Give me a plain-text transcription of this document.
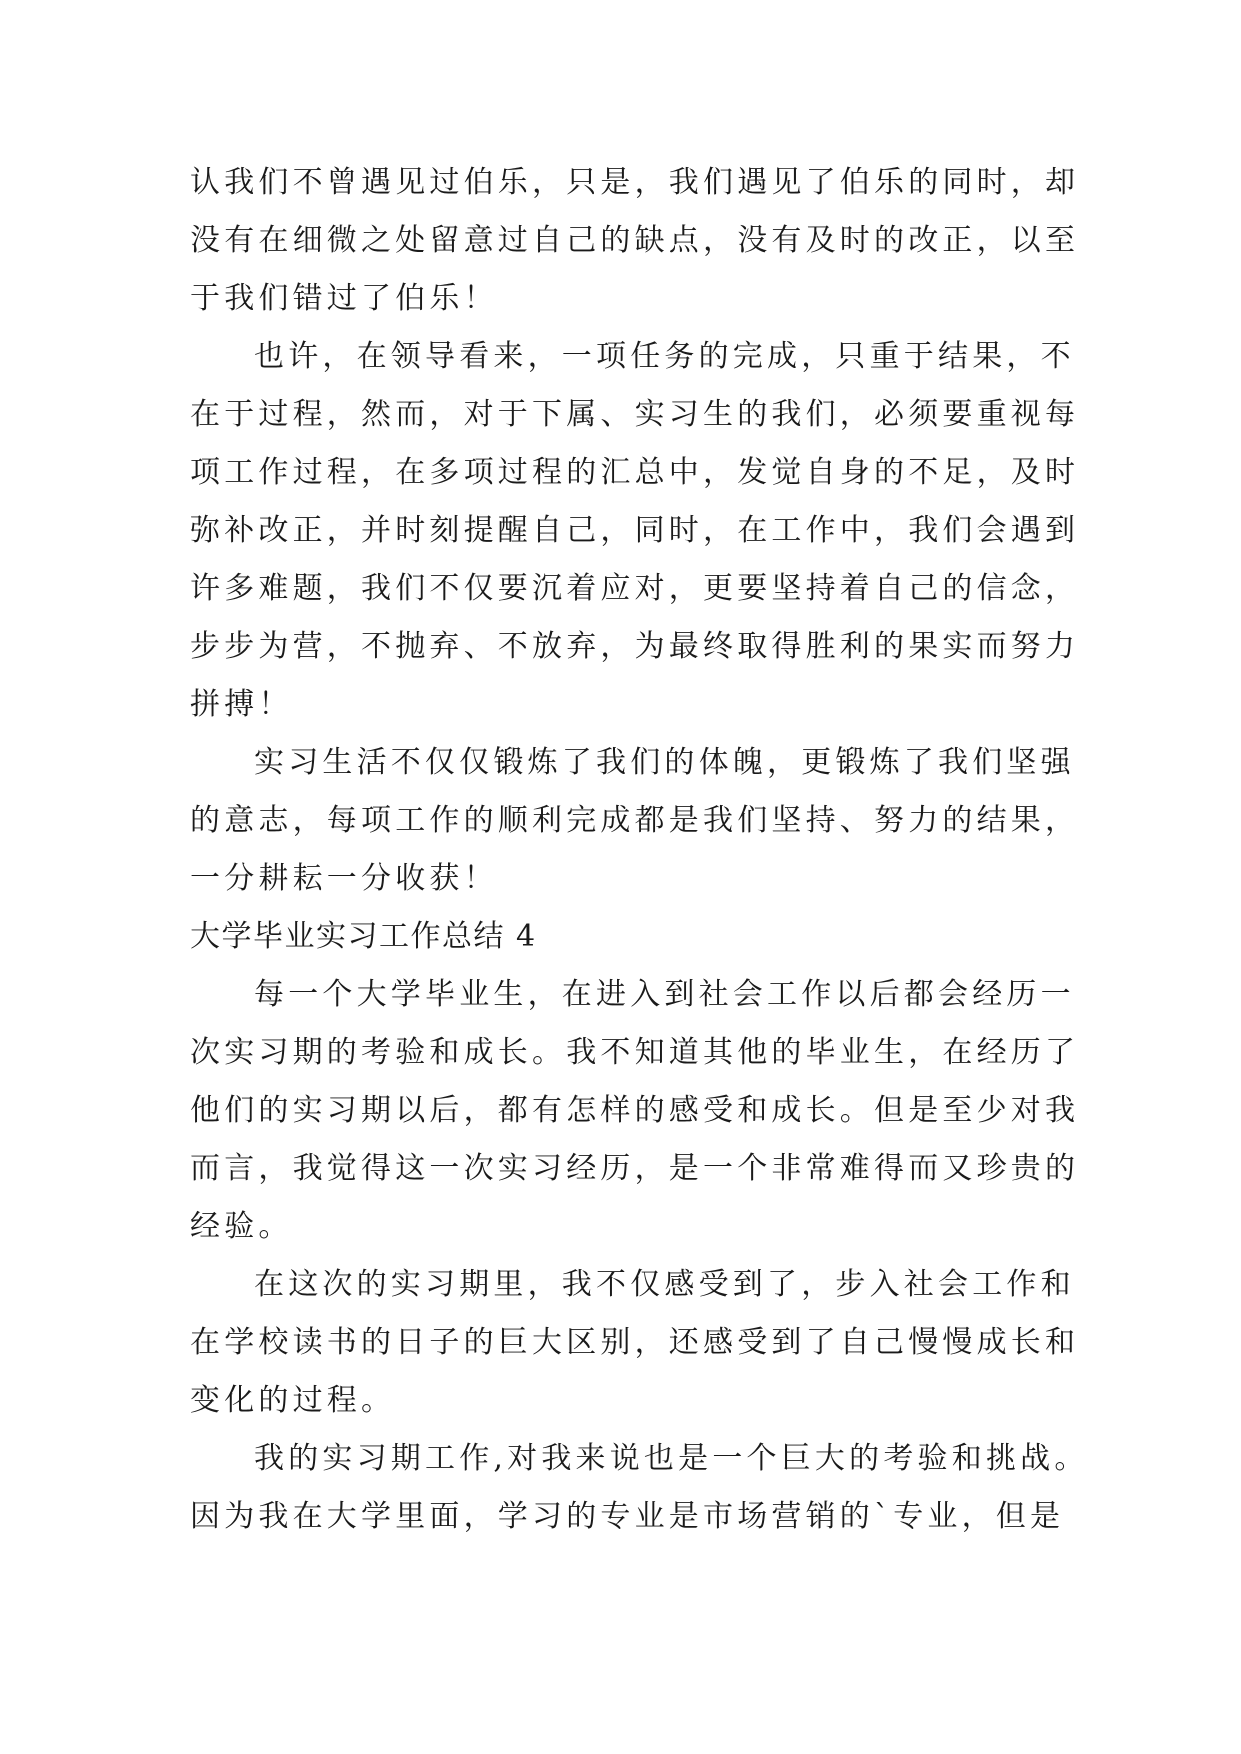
认我们不曾遇见过伯乐，只是，我们遇见了伯乐的同时，却
没有在细微之处留意过自己的缺点，没有及时的改正，以至
于我们错过了伯乐！
也许，在领导看来，一项任务的完成，只重于结果，不
在于过程，然而，对于下属、实习生的我们，必须要重视每
项工作过程，在多项过程的汇总中，发觉自身的不足，及时
弥补改正，并时刻提醒自己，同时，在工作中，我们会遇到
许多难题，我们不仅要沉着应对，更要坚持着自己的信念，
步步为营，不抛弃、不放弃，为最终取得胜利的果实而努力
拼搏！
实习生活不仅仅锻炼了我们的体魄，更锻炼了我们坚强
的意志，每项工作的顺利完成都是我们坚持、努力的结果，
一分耕耘一分收获！
大学毕业实习工作总结 4
每一个大学毕业生，在进入到社会工作以后都会经历一
次实习期的考验和成长。我不知道其他的毕业生，在经历了
他们的实习期以后，都有怎样的感受和成长。但是至少对我
而言，我觉得这一次实习经历，是一个非常难得而又珍贵的
经验。
在这次的实习期里，我不仅感受到了，步入社会工作和
在学校读书的日子的巨大区别，还感受到了自己慢慢成长和
变化的过程。
我的实习期工作,对我来说也是一个巨大的考验和挑战。
因为我在大学里面，学习的专业是市场营销的`专业，但是
